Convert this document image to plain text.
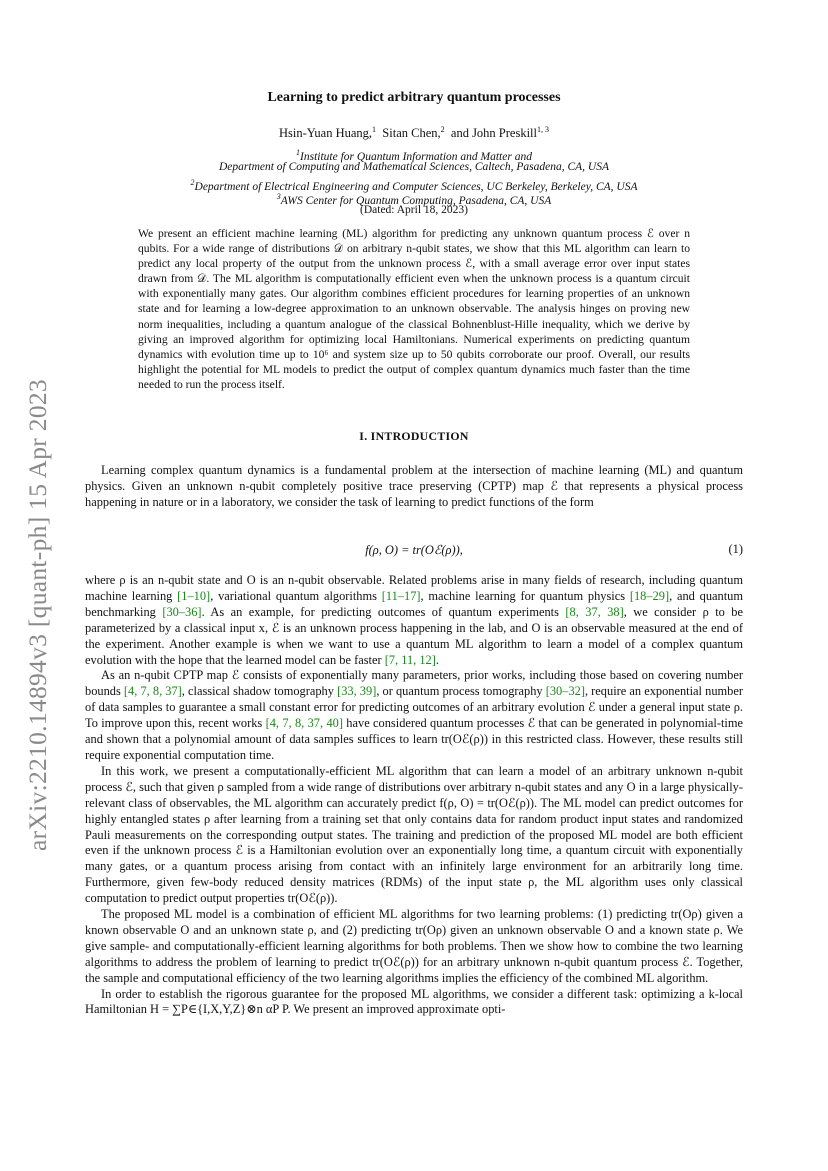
arXiv:2210.14894v3 [quant-ph] 15 Apr 2023
Learning to predict arbitrary quantum processes
Hsin-Yuan Huang,$^1$ Sitan Chen,$^2$ and John Preskill$^{1, 3}$
$^1$Institute for Quantum Information and Matter and
Department of Computing and Mathematical Sciences, Caltech, Pasadena, CA, USA
$^2$Department of Electrical Engineering and Computer Sciences, UC Berkeley, Berkeley, CA, USA
$^3$AWS Center for Quantum Computing, Pasadena, CA, USA
(Dated: April 18, 2023)
We present an efficient machine learning (ML) algorithm for predicting any unknown quantum process ℰ over n qubits. For a wide range of distributions 𝒟 on arbitrary n-qubit states, we show that this ML algorithm can learn to predict any local property of the output from the unknown process ℰ, with a small average error over input states drawn from 𝒟. The ML algorithm is computationally efficient even when the unknown process is a quantum circuit with exponentially many gates. Our algorithm combines efficient procedures for learning properties of an unknown state and for learning a low-degree approximation to an unknown observable. The analysis hinges on proving new norm inequalities, including a quantum analogue of the classical Bohnenblust-Hille inequality, which we derive by giving an improved algorithm for optimizing local Hamiltonians. Numerical experiments on predicting quantum dynamics with evolution time up to 10⁶ and system size up to 50 qubits corroborate our proof. Overall, our results highlight the potential for ML models to predict the output of complex quantum dynamics much faster than the time needed to run the process itself.
I. INTRODUCTION

Learning complex quantum dynamics is a fundamental problem at the intersection of machine learning (ML) and quantum physics. Given an unknown n-qubit completely positive trace preserving (CPTP) map ℰ that represents a physical process happening in nature or in a laboratory, we consider the task of learning to predict functions of the form

f(ρ, O) = tr(Oℰ(ρ)),	(1)

where ρ is an n-qubit state and O is an n-qubit observable. Related problems arise in many fields of research, including quantum machine learning [1–10], variational quantum algorithms [11–17], machine learning for quantum physics [18–29], and quantum benchmarking [30–36]. As an example, for predicting outcomes of quantum experiments [8, 37, 38], we consider ρ to be parameterized by a classical input x, ℰ is an unknown process happening in the lab, and O is an observable measured at the end of the experiment. Another example is when we want to use a quantum ML algorithm to learn a model of a complex quantum evolution with the hope that the learned model can be faster [7, 11, 12].

As an n-qubit CPTP map ℰ consists of exponentially many parameters, prior works, including those based on covering number bounds [4, 7, 8, 37], classical shadow tomography [33, 39], or quantum process tomography [30–32], require an exponential number of data samples to guarantee a small constant error for predicting outcomes of an arbitrary evolution ℰ under a general input state ρ. To improve upon this, recent works [4, 7, 8, 37, 40] have considered quantum processes ℰ that can be generated in polynomial-time and shown that a polynomial amount of data samples suffices to learn tr(Oℰ(ρ)) in this restricted class. However, these results still require exponential computation time.

In this work, we present a computationally-efficient ML algorithm that can learn a model of an arbitrary unknown n-qubit process ℰ, such that given ρ sampled from a wide range of distributions over arbitrary n-qubit states and any O in a large physically-relevant class of observables, the ML algorithm can accurately predict f(ρ, O) = tr(Oℰ(ρ)). The ML model can predict outcomes for highly entangled states ρ after learning from a training set that only contains data for random product input states and randomized Pauli measurements on the corresponding output states. The training and prediction of the proposed ML model are both efficient even if the unknown process ℰ is a Hamiltonian evolution over an exponentially long time, a quantum circuit with exponentially many gates, or a quantum process arising from contact with an infinitely large environment for an arbitrarily long time. Furthermore, given few-body reduced density matrices (RDMs) of the input state ρ, the ML algorithm uses only classical computation to predict output properties tr(Oℰ(ρ)).

The proposed ML model is a combination of efficient ML algorithms for two learning problems: (1) predicting tr(Oρ) given a known observable O and an unknown state ρ, and (2) predicting tr(Oρ) given an unknown observable O and a known state ρ. We give sample- and computationally-efficient learning algorithms for both problems. Then we show how to combine the two learning algorithms to address the problem of learning to predict tr(Oℰ(ρ)) for an arbitrary unknown n-qubit quantum process ℰ. Together, the sample and computational efficiency of the two learning algorithms implies the efficiency of the combined ML algorithm.

In order to establish the rigorous guarantee for the proposed ML algorithms, we consider a different task: optimizing a k-local Hamiltonian H = ∑P∈{I,X,Y,Z}⊗n αP P. We present an improved approximate opti-
